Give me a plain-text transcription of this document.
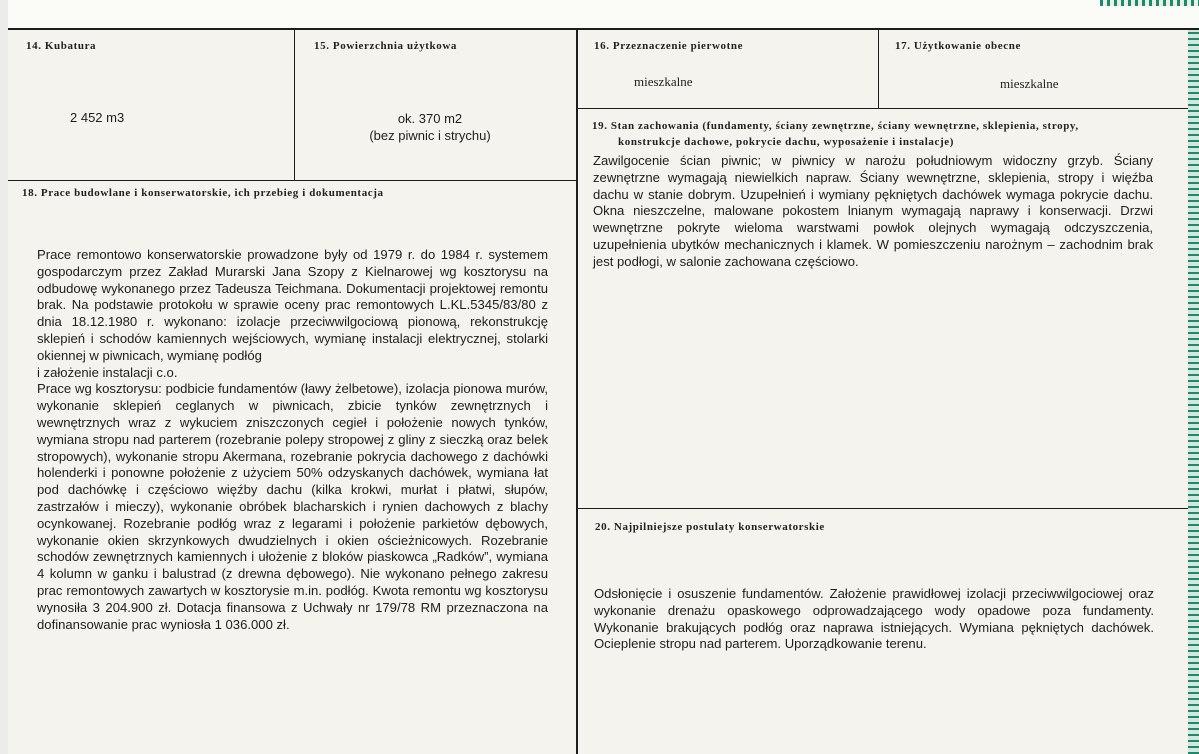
14. Kubatura

2 452 m3

15. Powierzchnia użytkowa

ok. 370 m2

(bez piwnic i strychu)

16. Przeznaczenie pierwotne

mieszkalne

17. Użytkowanie obecne

mieszkalne

18. Prace budowlane i konserwatorskie, ich przebieg i dokumentacja

Prace remontowo konserwatorskie prowadzone były od 1979 r. do 1984 r. systemem gospodarczym przez Zakład Murarski Jana Szopy z Kielnarowej wg kosztorysu na odbudowę wykonanego przez Tadeusza Teichmana. Dokumentacji projektowej remontu brak. Na podstawie protokołu w sprawie oceny prac remontowych L.KL.5345/83/80 z dnia 18.12.1980 r. wykonano: izolacje przeciwwilgociową pionową, rekonstrukcję sklepień i schodów kamiennych wejściowych, wymianę instalacji elektrycznej, stolarki okiennej w piwnicach, wymianę podłóg
i założenie instalacji c.o.
Prace wg kosztorysu: podbicie fundamentów (ławy żelbetowe), izolacja pionowa murów, wykonanie sklepień ceglanych w piwnicach, zbicie tynków zewnętrznych i wewnętrznych wraz z wykuciem zniszczonych cegieł i położenie nowych tynków, wymiana stropu nad parterem (rozebranie polepy stropowej z gliny z sieczką oraz belek stropowych), wykonanie stropu Akermana, rozebranie pokrycia dachowego z dachówki holenderki i ponowne położenie z użyciem 50% odzyskanych dachówek, wymiana łat pod dachówkę i częściowo więźby dachu (kilka krokwi, murłat i płatwi, słupów, zastrzałów i mieczy), wykonanie obróbek blacharskich i rynien dachowych z blachy ocynkowanej. Rozebranie podłóg wraz z legarami i położenie parkietów dębowych, wykonanie okien skrzynkowych dwudzielnych i okien ościeżnicowych. Rozebranie schodów zewnętrznych kamiennych i ułożenie z bloków piaskowca „Radków”, wymiana 4 kolumn w ganku i balustrad (z drewna dębowego). Nie wykonano pełnego zakresu prac remontowych zawartych w kosztorysie m.in. podłóg. Kwota remontu wg kosztorysu wynosiła 3 204.900 zł. Dotacja finansowa z Uchwały nr 179/78 RM przeznaczona na dofinansowanie prac wyniosła 1 036.000 zł.

19. Stan zachowania (fundamenty, ściany zewnętrzne, ściany wewnętrzne, sklepienia, stropy,

konstrukcje dachowe, pokrycie dachu, wyposażenie i instalacje)

Zawilgocenie ścian piwnic; w piwnicy w narożu południowym widoczny grzyb. Ściany zewnętrzne wymagają niewielkich napraw. Ściany wewnętrzne, sklepienia, stropy i więźba dachu w stanie dobrym. Uzupełnień i wymiany pękniętych dachówek wymaga pokrycie dachu. Okna nieszczelne, malowane pokostem lnianym wymagają naprawy i konserwacji. Drzwi wewnętrzne pokryte wieloma warstwami powłok olejnych wymagają odczyszczenia, uzupełnienia ubytków mechanicznych i klamek. W pomieszczeniu narożnym – zachodnim brak jest podłogi, w salonie zachowana częściowo.

20. Najpilniejsze postulaty konserwatorskie

Odsłonięcie i osuszenie fundamentów. Założenie prawidłowej izolacji przeciwwilgociowej oraz wykonanie drenażu opaskowego odprowadzającego wody opadowe poza fundamenty. Wykonanie brakujących podłóg oraz naprawa istniejących. Wymiana pękniętych dachówek. Ocieplenie stropu nad parterem. Uporządkowanie terenu.
